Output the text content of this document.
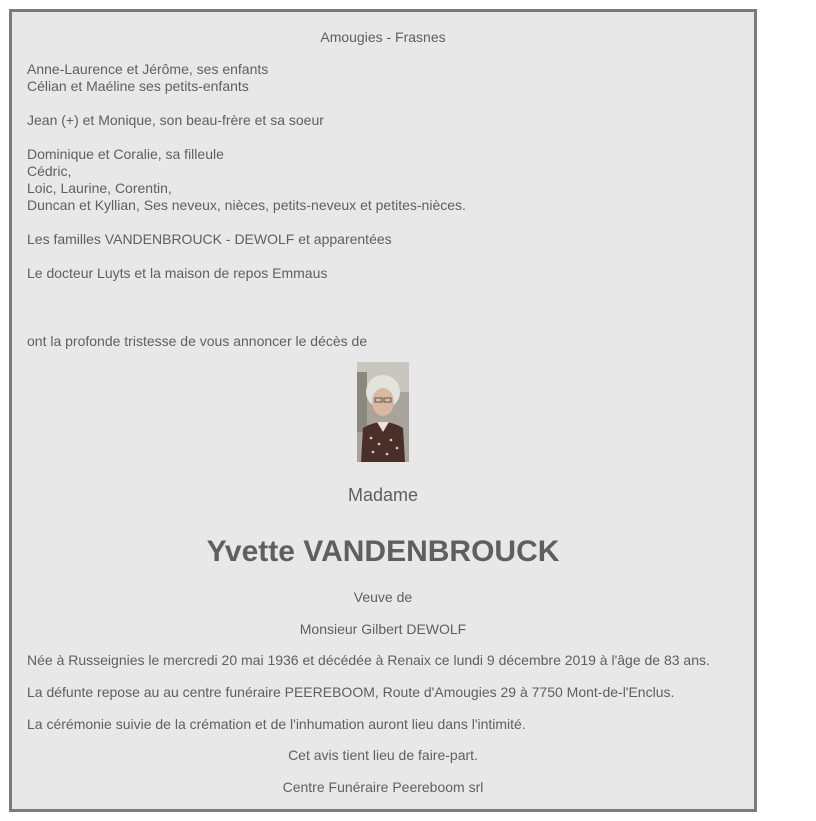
Amougies - Frasnes
Anne-Laurence et Jérôme, ses enfants
Célian et Maéline ses petits-enfants
Jean (+) et Monique, son beau-frère et sa soeur
Dominique et Coralie, sa filleule
Cédric,
Loic, Laurine, Corentin,
Duncan et Kyllian, Ses neveux, nièces, petits-neveux et petites-nièces.
Les familles VANDENBROUCK - DEWOLF et apparentées
Le docteur Luyts et la maison de repos Emmaus
ont la profonde tristesse de vous annoncer le décès de
Madame
Yvette VANDENBROUCK
Veuve de
Monsieur Gilbert DEWOLF
Née à Russeignies le mercredi 20 mai 1936 et décédée à Renaix ce lundi 9 décembre 2019 à l'âge de 83 ans.
La défunte repose au au centre funéraire PEEREBOOM, Route d'Amougies 29 à 7750 Mont-de-l'Enclus.
La cérémonie suivie de la crémation et de l'inhumation auront lieu dans l'intimité.
Cet avis tient lieu de faire-part.
Centre Funéraire Peereboom srl
